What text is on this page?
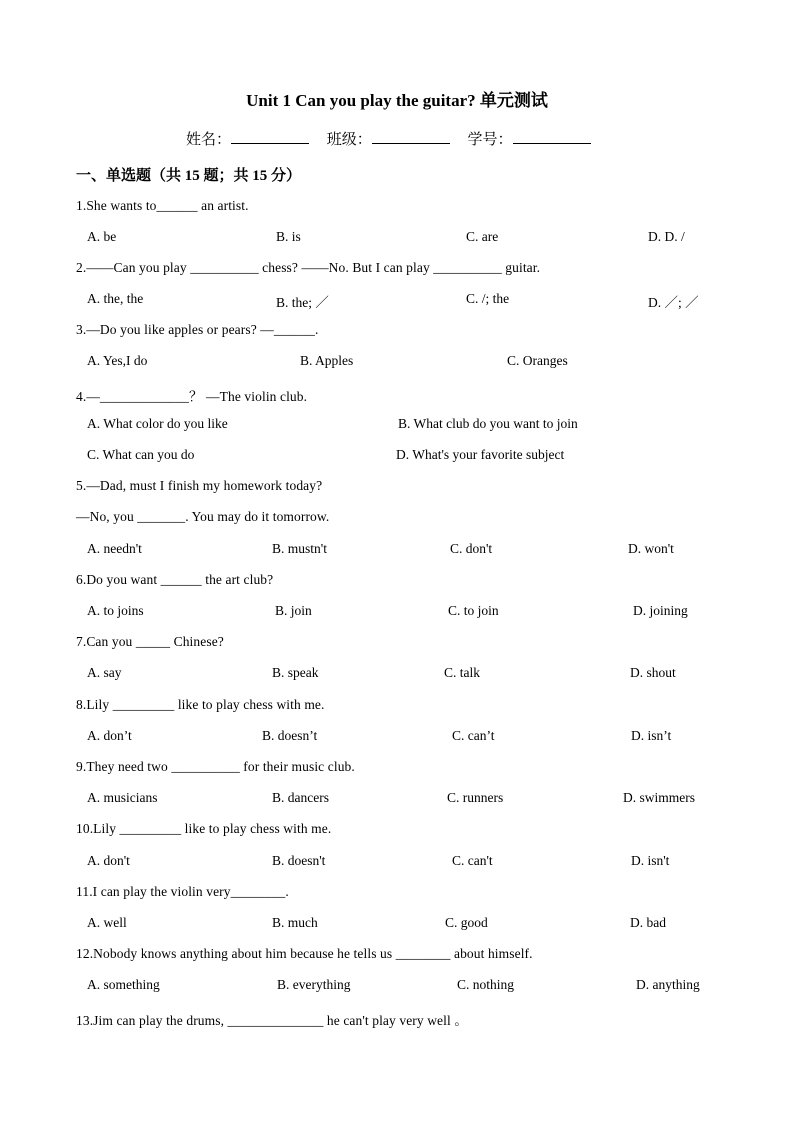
Unit 1 Can you play the guitar? 单元测试
姓名：	班级：	学号：
一、单选题（共 15 题；共 15 分）
1.She wants to______ an artist.
A. be	B. is	C. are	D. D. /
2.——Can you play __________ chess? ——No. But I can play __________ guitar.
A. the, the	B. the; ／	C. /; the	D. ／; ／
3.—Do you like apples or pears? —______.
A. Yes,I do	B. Apples	C. Oranges
4.—_____________？ —The violin club.
A. What color do you like	B. What club do you want to join
C. What can you do	D. What's your favorite subject
5.—Dad, must I finish my homework today?
—No, you _______. You may do it tomorrow.
A. needn't	B. mustn't	C. don't	D. won't
6.Do you want ______ the art club?
A. to joins	B. join	C. to join	D. joining
7.Can you _____ Chinese?
A. say	B. speak	C. talk	D. shout
8.Lily _________ like to play chess with me.
A. don’t	B. doesn’t	C. can’t	D. isn’t
9.They need two __________ for their music club.
A. musicians	B. dancers	C. runners	D. swimmers
10.Lily _________ like to play chess with me.
A. don't	B. doesn't	C. can't	D. isn't
11.I can play the violin very________.
A. well	B. much	C. good	D. bad
12.Nobody knows anything about him because he tells us ________ about himself.
A. something	B. everything	C. nothing	D. anything
13.Jim can play the drums, ______________ he can't play very well 。
